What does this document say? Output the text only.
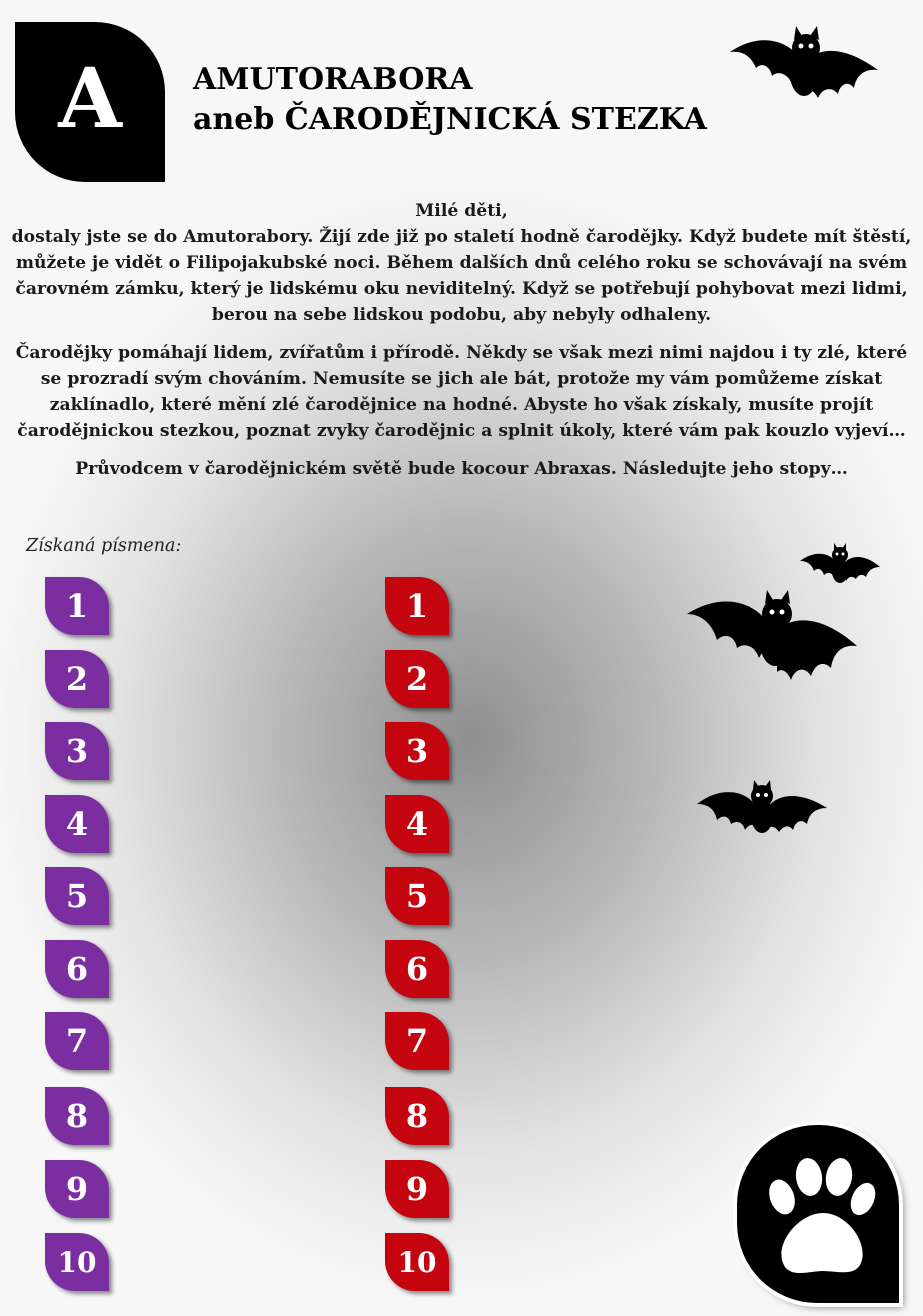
A AMUTORABORA
aneb ČARODĚJNICKÁ STEZKA
Milé děti,

dostaly jste se do Amutorabory. Žijí zde již po staletí hodně čarodějky. Když budete mít štěstí, můžete je vidět o Filipojakubské noci. Během dalších dnů celého roku se schovávají na svém čarovném zámku, který je lidskému oku neviditelný. Když se potřebují pohybovat mezi lidmi, berou na sebe lidskou podobu, aby nebyly odhaleny.

Čarodějky pomáhají lidem, zvířatům i přírodě. Někdy se však mezi nimi najdou i ty zlé, které se prozradí svým chováním. Nemusíte se jich ale bát, protože my vám pomůžeme získat zaklínadlo, které mění zlé čarodějnice na hodné. Abyste ho však získaly, musíte projít čarodějnickou stezkou, poznat zvyky čarodějnic a splnit úkoly, které vám pak kouzlo vyjeví…

Průvodcem v čarodějnickém světě bude kocour Abraxas. Následujte jeho stopy…

Získaná písmena:
1
2
3
4
5
6
7
8
9
10
1
2
3
4
5
6
7
8
9
10
